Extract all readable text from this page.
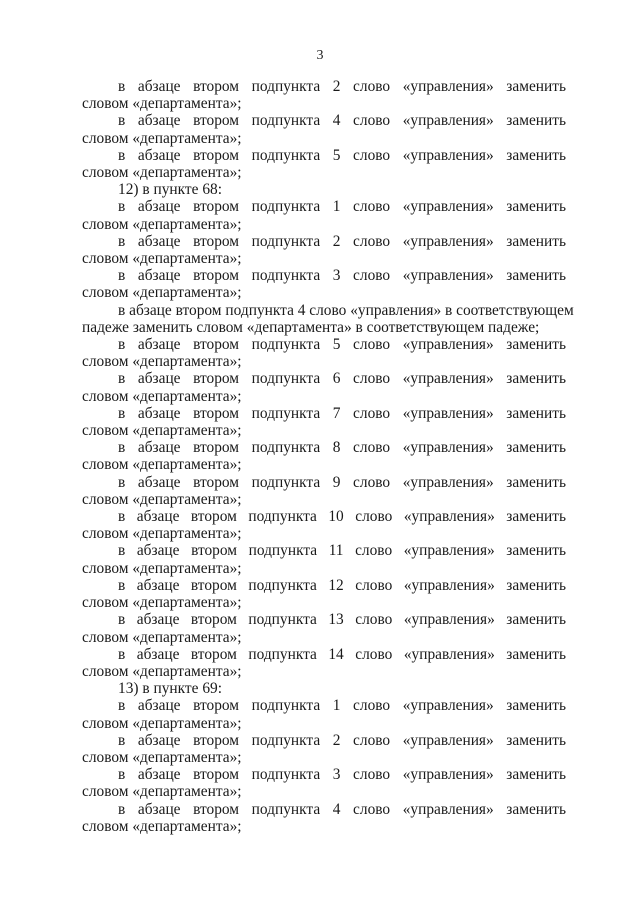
3

в абзаце втором подпункта 2 слово «управления» заменить
словом «департамента»;

в абзаце втором подпункта 4 слово «управления» заменить
словом «департамента»;

в абзаце втором подпункта 5 слово «управления» заменить
словом «департамента»;

12) в пункте 68:

в абзаце втором подпункта 1 слово «управления» заменить
словом «департамента»;

в абзаце втором подпункта 2 слово «управления» заменить
словом «департамента»;

в абзаце втором подпункта 3 слово «управления» заменить
словом «департамента»;

в абзаце втором подпункта 4 слово «управления» в соответствующем
падеже заменить словом «департамента» в соответствующем падеже;

в абзаце втором подпункта 5 слово «управления» заменить
словом «департамента»;

в абзаце втором подпункта 6 слово «управления» заменить
словом «департамента»;

в абзаце втором подпункта 7 слово «управления» заменить
словом «департамента»;

в абзаце втором подпункта 8 слово «управления» заменить
словом «департамента»;

в абзаце втором подпункта 9 слово «управления» заменить
словом «департамента»;

в абзаце втором подпункта 10 слово «управления» заменить
словом «департамента»;

в абзаце втором подпункта 11 слово «управления» заменить
словом «департамента»;

в абзаце втором подпункта 12 слово «управления» заменить
словом «департамента»;

в абзаце втором подпункта 13 слово «управления» заменить
словом «департамента»;

в абзаце втором подпункта 14 слово «управления» заменить
словом «департамента»;

13) в пункте 69:

в абзаце втором подпункта 1 слово «управления» заменить
словом «департамента»;

в абзаце втором подпункта 2 слово «управления» заменить
словом «департамента»;

в абзаце втором подпункта 3 слово «управления» заменить
словом «департамента»;

в абзаце втором подпункта 4 слово «управления» заменить
словом «департамента»;
